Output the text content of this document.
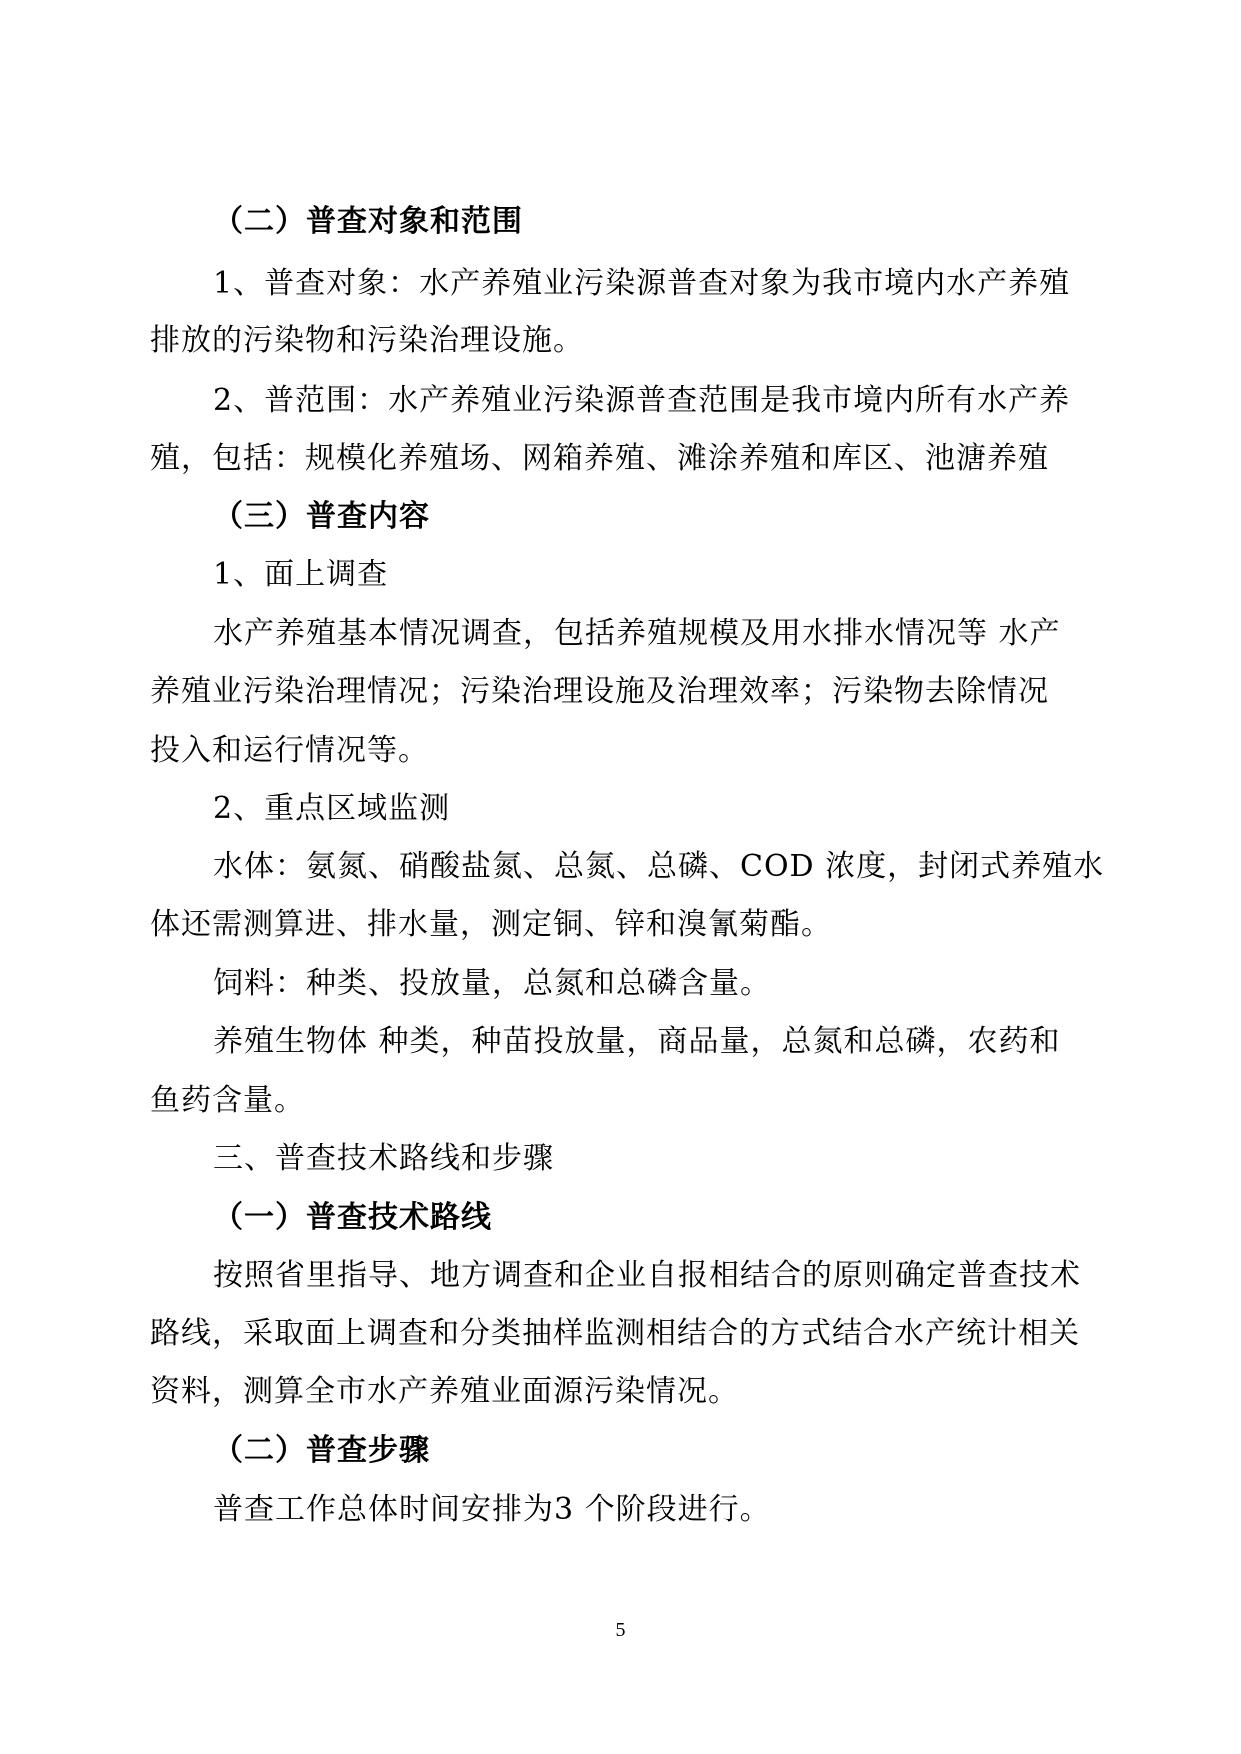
（二）普查对象和范围
1、普查对象：水产养殖业污染源普查对象为我市境内水产养殖
排放的污染物和污染治理设施。
2、普范围：水产养殖业污染源普查范围是我市境内所有水产养
殖，包括：规模化养殖场、网箱养殖、滩涂养殖和库区、池溏养殖
（三）普查内容
1、面上调查
水产养殖基本情况调查，包括养殖规模及用水排水情况等 水产
养殖业污染治理情况；污染治理设施及治理效率；污染物去除情况
投入和运行情况等。
2、重点区域监测
水体：氨氮、硝酸盐氮、总氮、总磷、COD 浓度，封闭式养殖水
体还需测算进、排水量，测定铜、锌和溴氰菊酯。
饲料：种类、投放量，总氮和总磷含量。
养殖生物体 种类，种苗投放量，商品量，总氮和总磷，农药和
鱼药含量。
三、普查技术路线和步骤
（一）普查技术路线
按照省里指导、地方调查和企业自报相结合的原则确定普查技术
路线，采取面上调查和分类抽样监测相结合的方式结合水产统计相关
资料，测算全市水产养殖业面源污染情况。
（二）普查步骤
普查工作总体时间安排为3 个阶段进行。
5
